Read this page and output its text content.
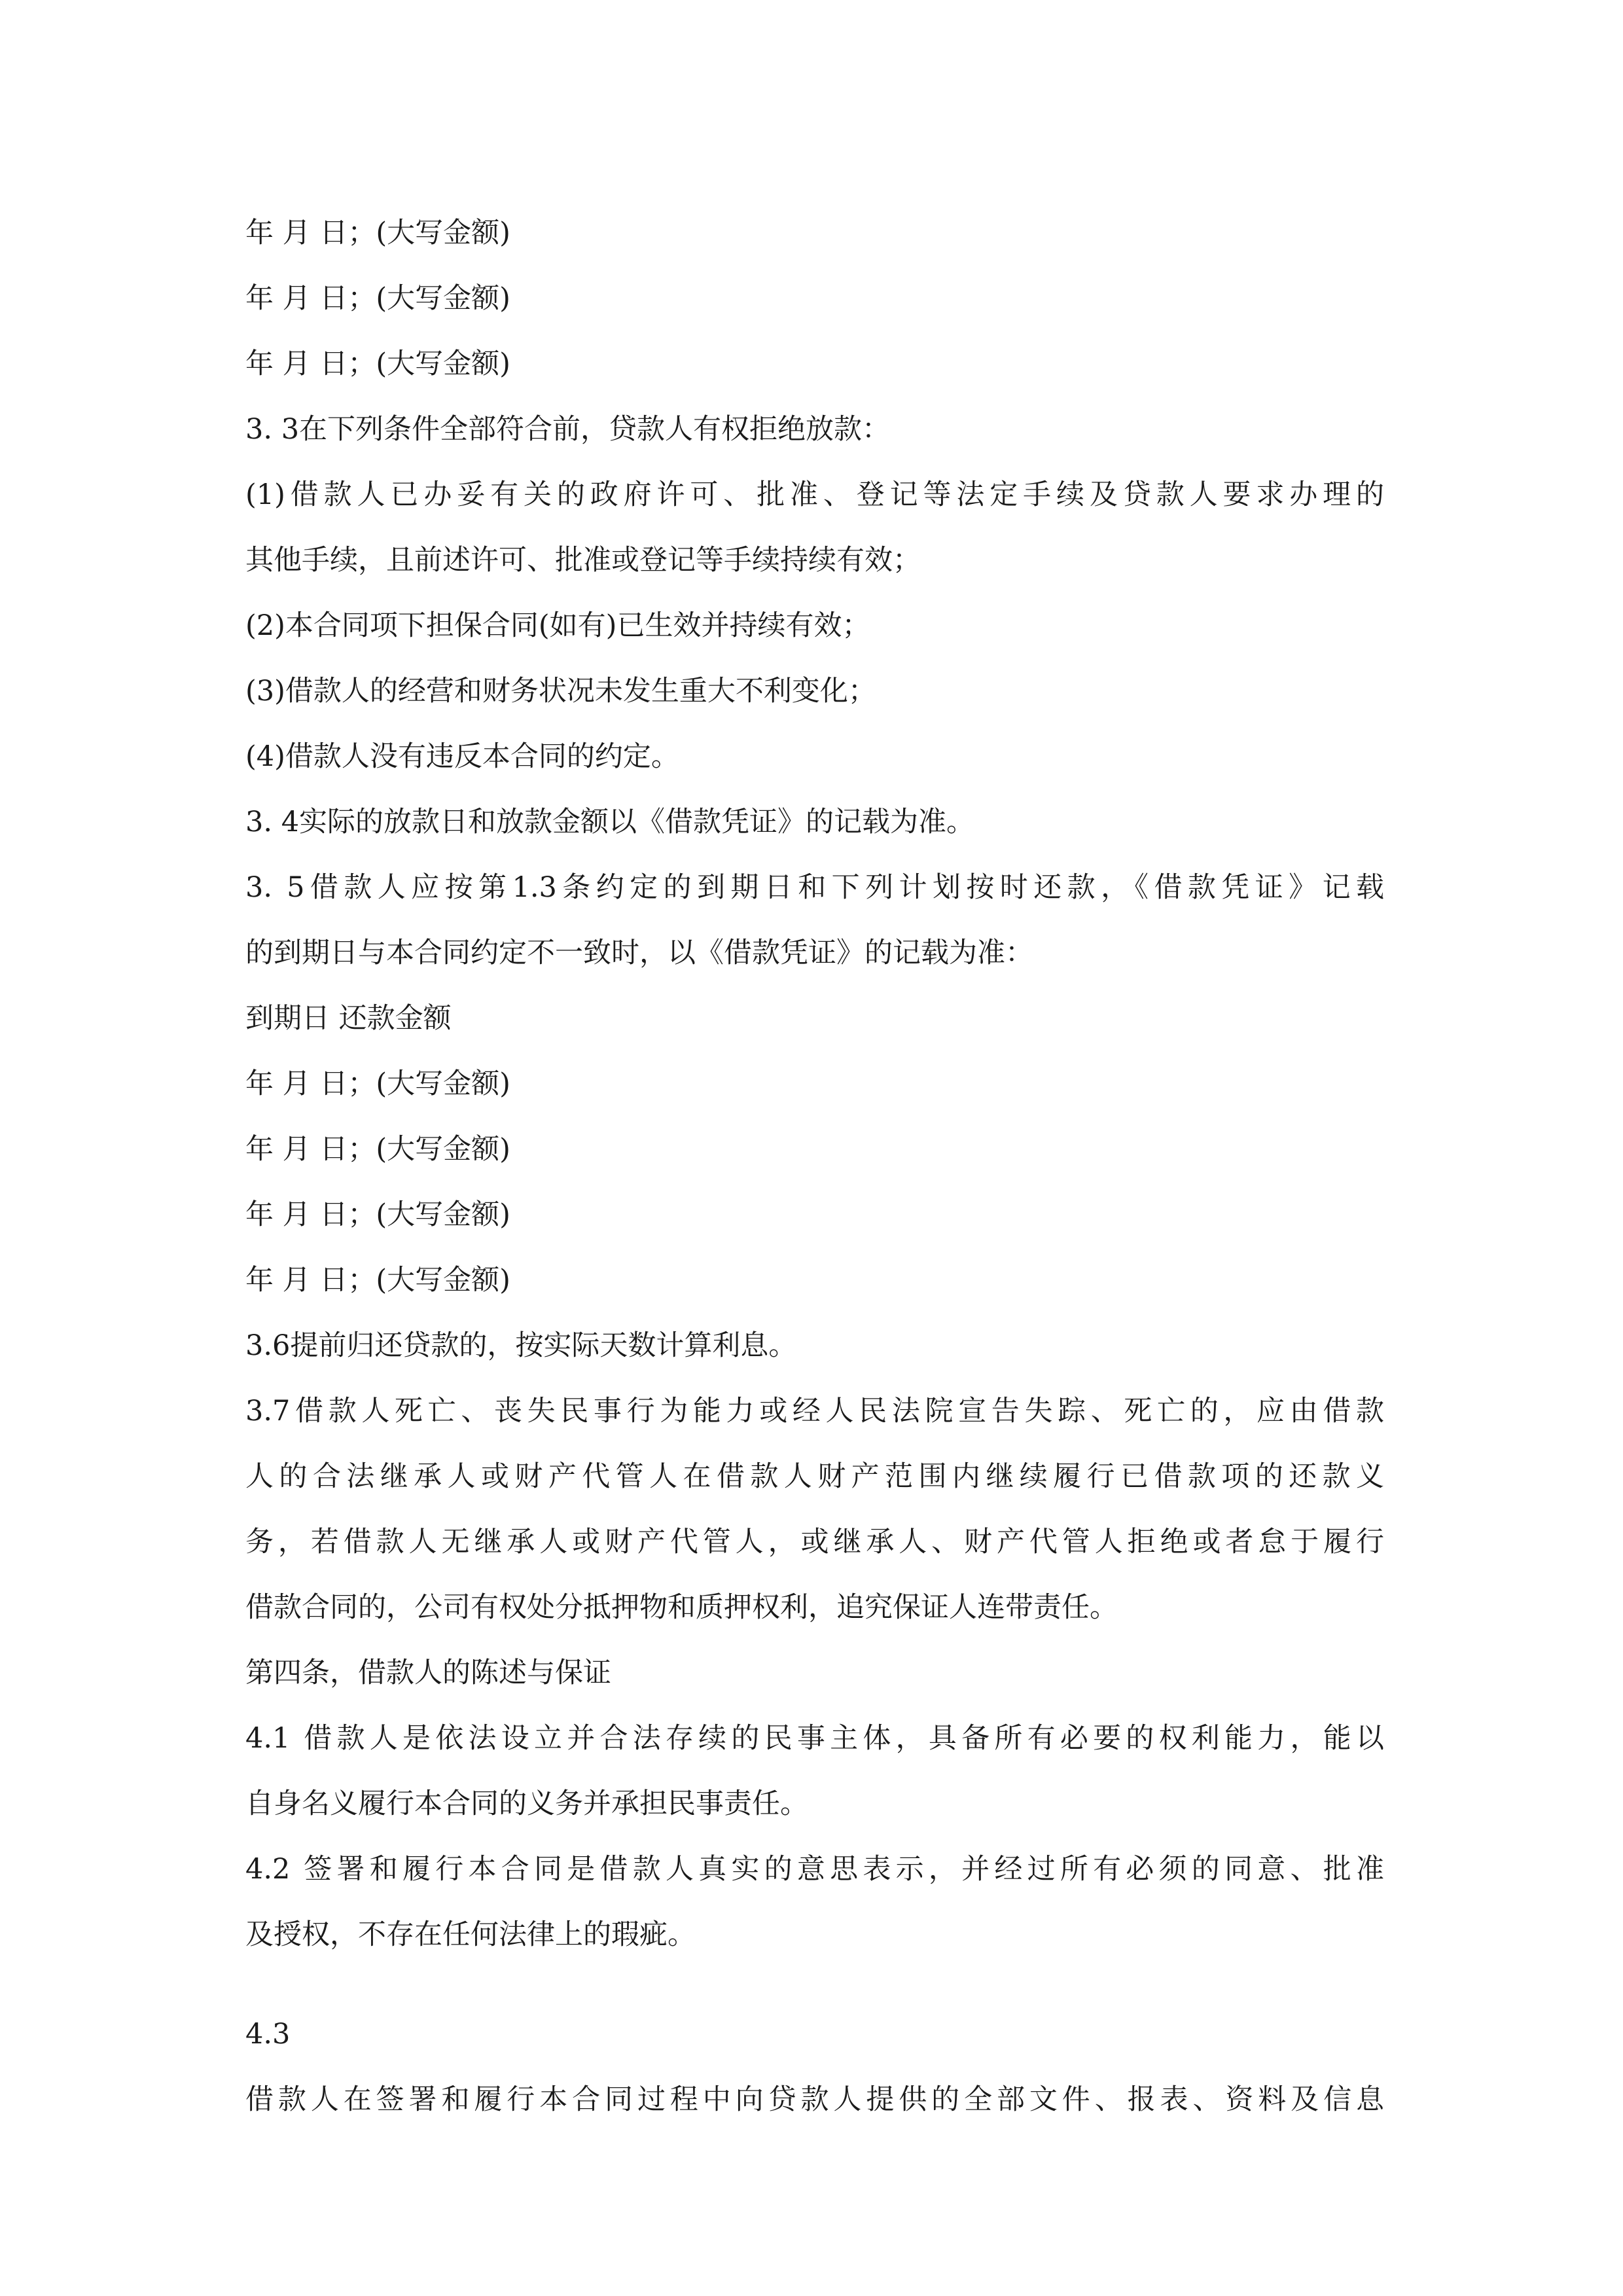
年 月 日；(大写金额)
年 月 日；(大写金额)
年 月 日；(大写金额)
3. 3在下列条件全部符合前，贷款人有权拒绝放款：
(1)借款人已办妥有关的政府许可、批准、登记等法定手续及贷款人要求办理的
其他手续，且前述许可、批准或登记等手续持续有效；
(2)本合同项下担保合同(如有)已生效并持续有效；
(3)借款人的经营和财务状况未发生重大不利变化；
(4)借款人没有违反本合同的约定。
3. 4实际的放款日和放款金额以《借款凭证》的记载为准。
3. 5借款人应按第1.3条约定的到期日和下列计划按时还款，《借款凭证》记载
的到期日与本合同约定不一致时，以《借款凭证》的记载为准：
到期日 还款金额
年 月 日；(大写金额)
年 月 日；(大写金额)
年 月 日；(大写金额)
年 月 日；(大写金额)
3.6提前归还贷款的，按实际天数计算利息。
3.7借款人死亡、丧失民事行为能力或经人民法院宣告失踪、死亡的，应由借款
人的合法继承人或财产代管人在借款人财产范围内继续履行已借款项的还款义
务，若借款人无继承人或财产代管人，或继承人、财产代管人拒绝或者怠于履行
借款合同的，公司有权处分抵押物和质押权利，追究保证人连带责任。
第四条，借款人的陈述与保证
4.1 借款人是依法设立并合法存续的民事主体，具备所有必要的权利能力，能以
自身名义履行本合同的义务并承担民事责任。
4.2 签署和履行本合同是借款人真实的意思表示，并经过所有必须的同意、批准
及授权，不存在任何法律上的瑕疵。
4.3
借款人在签署和履行本合同过程中向贷款人提供的全部文件、报表、资料及信息
